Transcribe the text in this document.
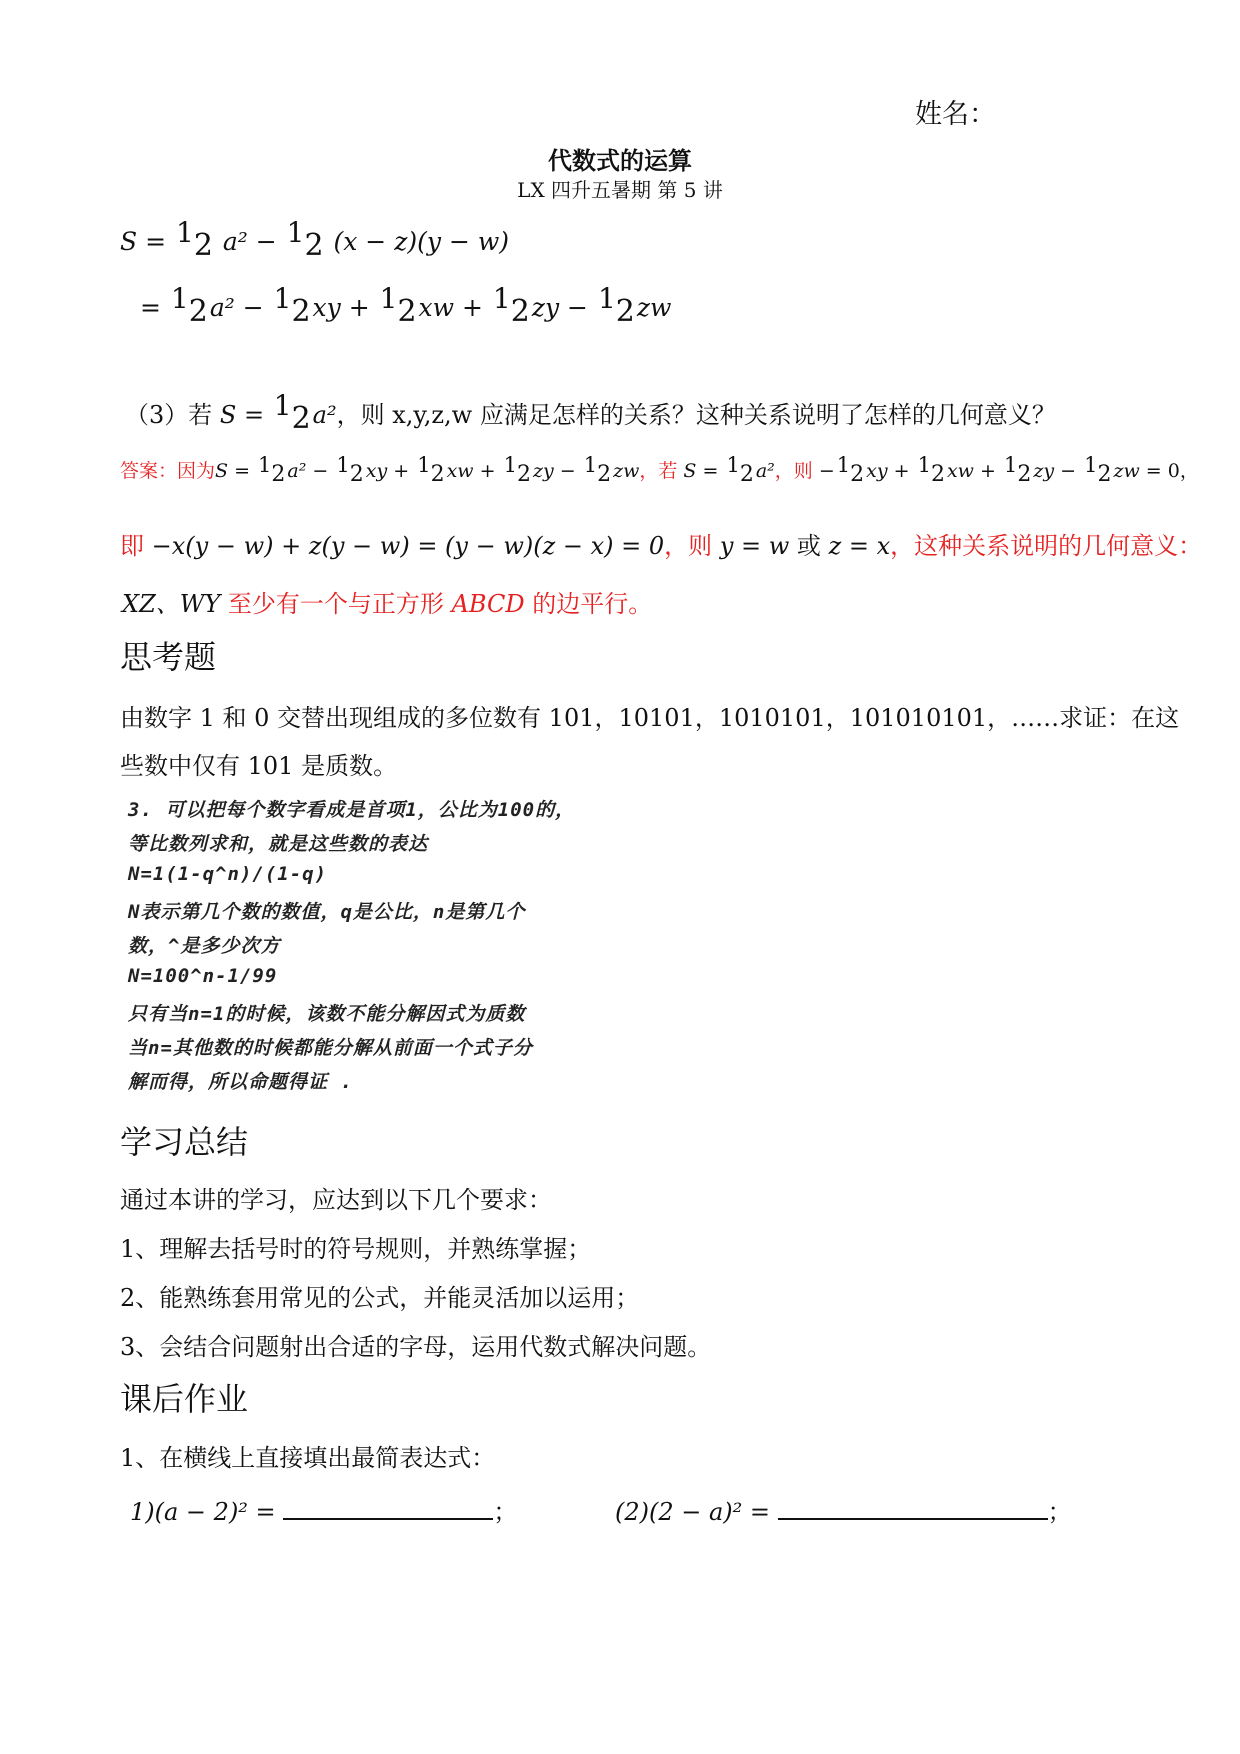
姓名：
代数式的运算
LX 四升五暑期 第 5 讲
S = 1 2 a² − 1 2 (x − z)(y − w)
= 1 2 a² − 1 2 xy + 1 2 xw + 1 2 zy − 1 2 zw
（3）若 S = 1 2 a²，则 x,y,z,w 应满足怎样的关系？这种关系说明了怎样的几何意义？
答案：因为S = 1 2 a² − 1 2 xy + 1 2 xw + 1 2 zy − 1 2 zw，若 S = 1 2 a²，则 − 1 2 xy + 1 2 xw + 1 2 zy − 1 2 zw = 0，
即 −x(y − w) + z(y − w) = (y − w)(z − x) = 0，则 y = w 或 z = x，这种关系说明的几何意义：
XZ、WY 至少有一个与正方形 ABCD 的边平行。
思考题
由数字 1 和 0 交替出现组成的多位数有 101，10101，1010101，101010101，……求证：在这
些数中仅有 101 是质数。
3. 可以把每个数字看成是首项1，公比为100的，
等比数列求和，就是这些数的表达
N=1(1-q^n)/(1-q)
N表示第几个数的数值，q是公比，n是第几个
数，^是多少次方
N=100^n-1/99
只有当n=1的时候，该数不能分解因式为质数
当n=其他数的时候都能分解从前面一个式子分
解而得，所以命题得证 .
学习总结
通过本讲的学习，应达到以下几个要求：
1、理解去括号时的符号规则，并熟练掌握；
2、能熟练套用常见的公式，并能灵活加以运用；
3、会结合问题射出合适的字母，运用代数式解决问题。
课后作业
1、在横线上直接填出最简表达式：
1)(a − 2)² =	；	(2)(2 − a)² =	；
